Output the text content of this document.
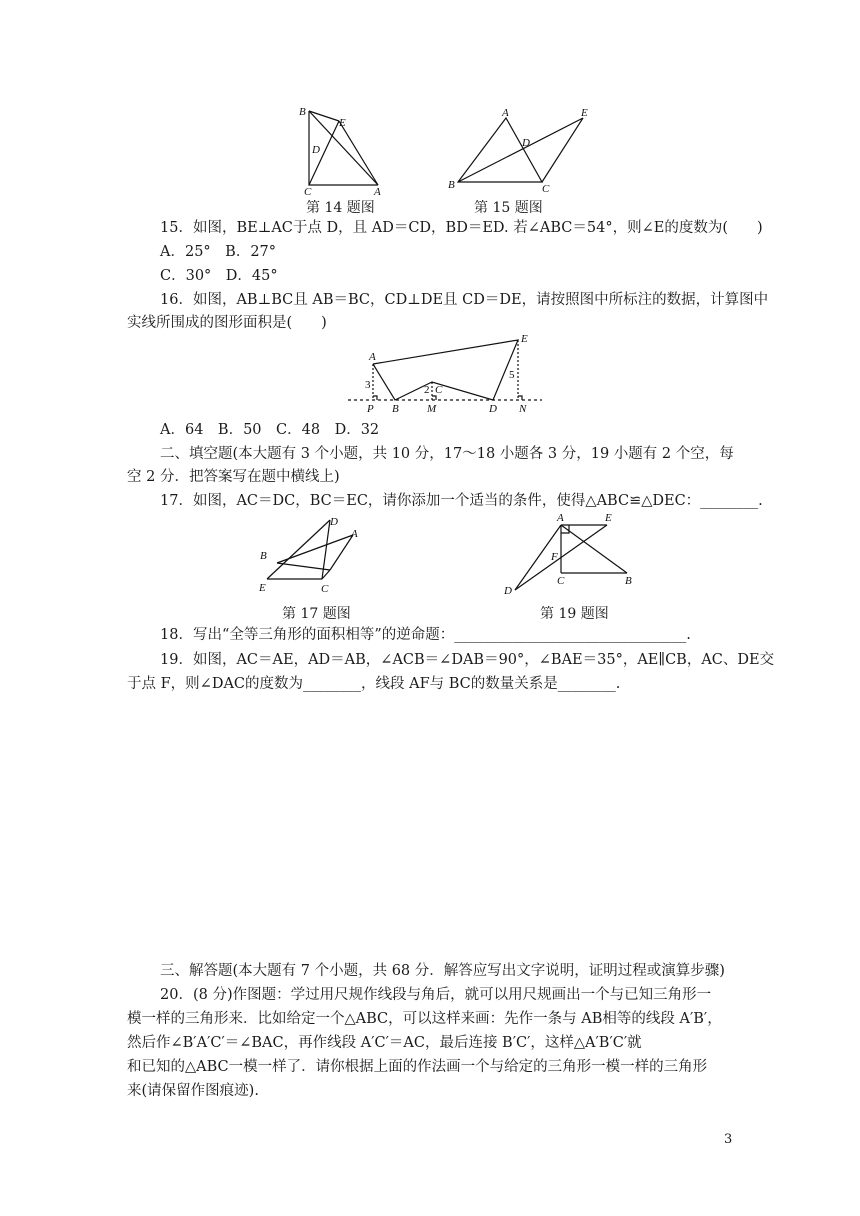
B
E
D
C	A
第 14 题图
A	E
D
B	C
第 15 题图
15．如图，BE⊥AC于点 D，且 AD＝CD，BD＝ED. 若∠ABC＝54°，则∠E的度数为(　　)
A．25°　B．27°
C．30°　D．45°
16．如图，AB⊥BC且 AB＝BC，CD⊥DE且 CD＝DE，请按照图中所标注的数据，计算图中
实线所围成的图形面积是(　　)
A
E
P B	M
C
D N
3	2
5
A．64　B．50　C．48　D．32
二、填空题(本大题有 3 个小题，共 10 分，17～18 小题各 3 分，19 小题有 2 个空，每
空 2 分．把答案写在题中横线上)
17．如图，AC＝DC，BC＝EC，请你添加一个适当的条件，使得△ABC≌△DEC：________.
B
A
E	C
D
第 17 题图
A	E
F
C	B
D
第 19 题图
18．写出“全等三角形的面积相等”的逆命题：________________________________.
19．如图，AC＝AE，AD＝AB，∠ACB＝∠DAB＝90°，∠BAE＝35°，AE∥CB，AC、DE交
于点 F，则∠DAC的度数为________，线段 AF与 BC的数量关系是________.
三、解答题(本大题有 7 个小题，共 68 分．解答应写出文字说明，证明过程或演算步骤)
20．(8 分)作图题：学过用尺规作线段与角后，就可以用尺规画出一个与已知三角形一
模一样的三角形来．比如给定一个△ABC，可以这样来画：先作一条与 AB相等的线段 A′B′，
然后作∠B′A′C′＝∠BAC，再作线段 A′C′＝AC，最后连接 B′C′，这样△A′B′C′就
和已知的△ABC一模一样了．请你根据上面的作法画一个与给定的三角形一模一样的三角形
来(请保留作图痕迹).
3
